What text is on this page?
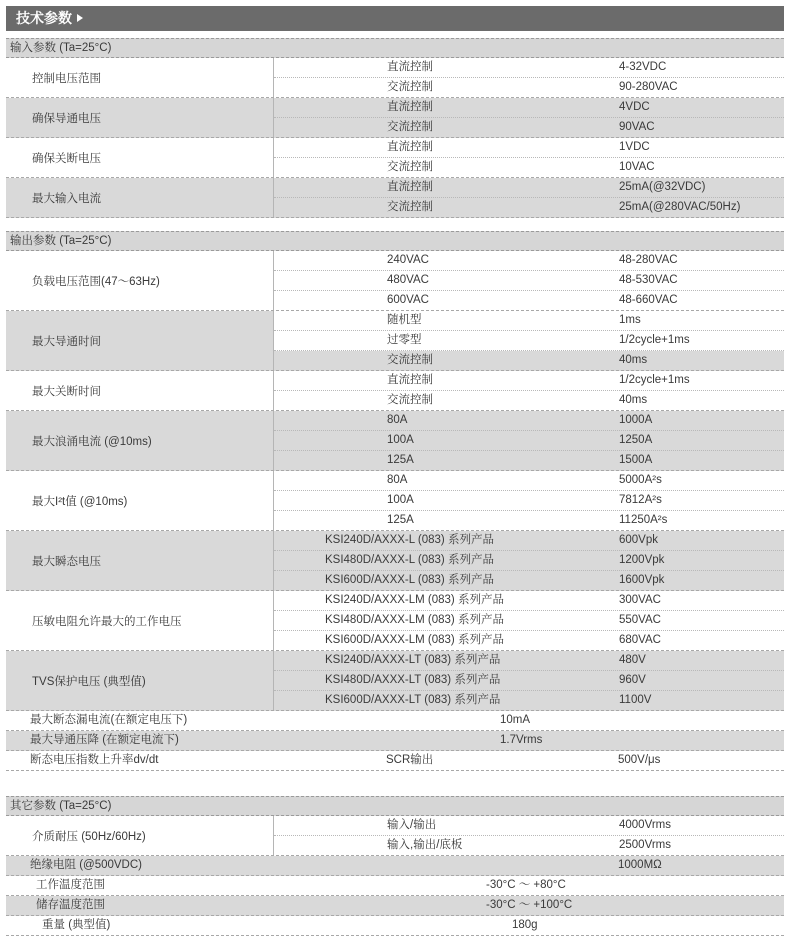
技术参数
输入参数 (Ta=25°C)
控制电压范围
直流控制	4-32VDC
交流控制	90-280VAC
确保导通电压
直流控制	4VDC
交流控制	90VAC
确保关断电压
直流控制	1VDC
交流控制	10VAC
最大输入电流
直流控制	25mA(@32VDC)
交流控制	25mA(@280VAC/50Hz)
输出参数 (Ta=25°C)
负载电压范围(47～63Hz)
240VAC	48-280VAC
480VAC	48-530VAC
600VAC	48-660VAC
最大导通时间
随机型	1ms
过零型	1/2cycle+1ms
交流控制	40ms
最大关断时间
直流控制	1/2cycle+1ms
交流控制	40ms
最大浪涌电流 (@10ms)
80A	1000A
100A	1250A
125A	1500A
最大I²t值 (@10ms)
80A	5000A²s
100A	7812A²s
125A	11250A²s
最大瞬态电压
KSI240D/AXXX-L (083) 系列产品	600Vpk
KSI480D/AXXX-L (083) 系列产品	1200Vpk
KSI600D/AXXX-L (083) 系列产品	1600Vpk
压敏电阻允许最大的工作电压
KSI240D/AXXX-LM (083) 系列产品	300VAC
KSI480D/AXXX-LM (083) 系列产品	550VAC
KSI600D/AXXX-LM (083) 系列产品	680VAC
TVS保护电压 (典型值)
KSI240D/AXXX-LT (083) 系列产品	480V
KSI480D/AXXX-LT (083) 系列产品	960V
KSI600D/AXXX-LT (083) 系列产品	1100V
最大断态漏电流(在额定电压下)	10mA
最大导通压降 (在额定电流下)	1.7Vrms
断态电压指数上升率dv/dt	SCR输出	500V/μs
其它参数 (Ta=25°C)
介质耐压 (50Hz/60Hz)
输入/输出	4000Vrms
输入,输出/底板	2500Vrms
绝缘电阻 (@500VDC)	1000MΩ
工作温度范围	-30°C ～ +80°C
储存温度范围	-30°C ～ +100°C
重量 (典型值)	180g
